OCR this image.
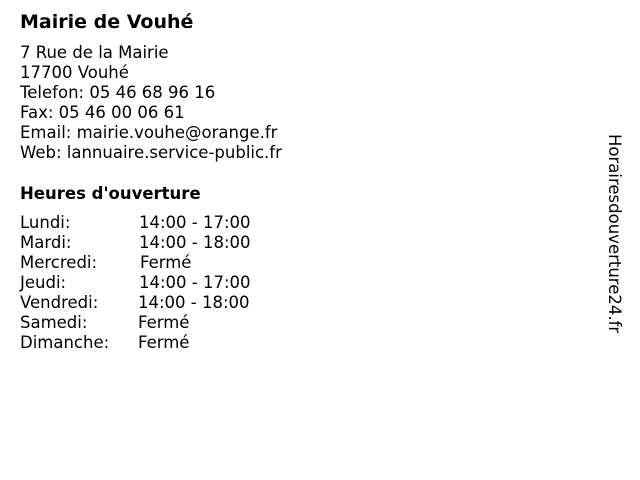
Mairie de Vouhé
7 Rue de la Mairie
17700 Vouhé
Telefon: 05 46 68 96 16
Fax: 05 46 00 06 61
Email: mairie.vouhe@orange.fr
Web: lannuaire.service-public.fr
Heures d'ouverture
Lundi:	14:00 - 17:00
Mardi:	14:00 - 18:00
Mercredi:	Fermé
Jeudi:	14:00 - 17:00
Vendredi: 14:00 - 18:00
Samedi:	Fermé
Dimanche: Fermé
Horairesdouverture24.fr
